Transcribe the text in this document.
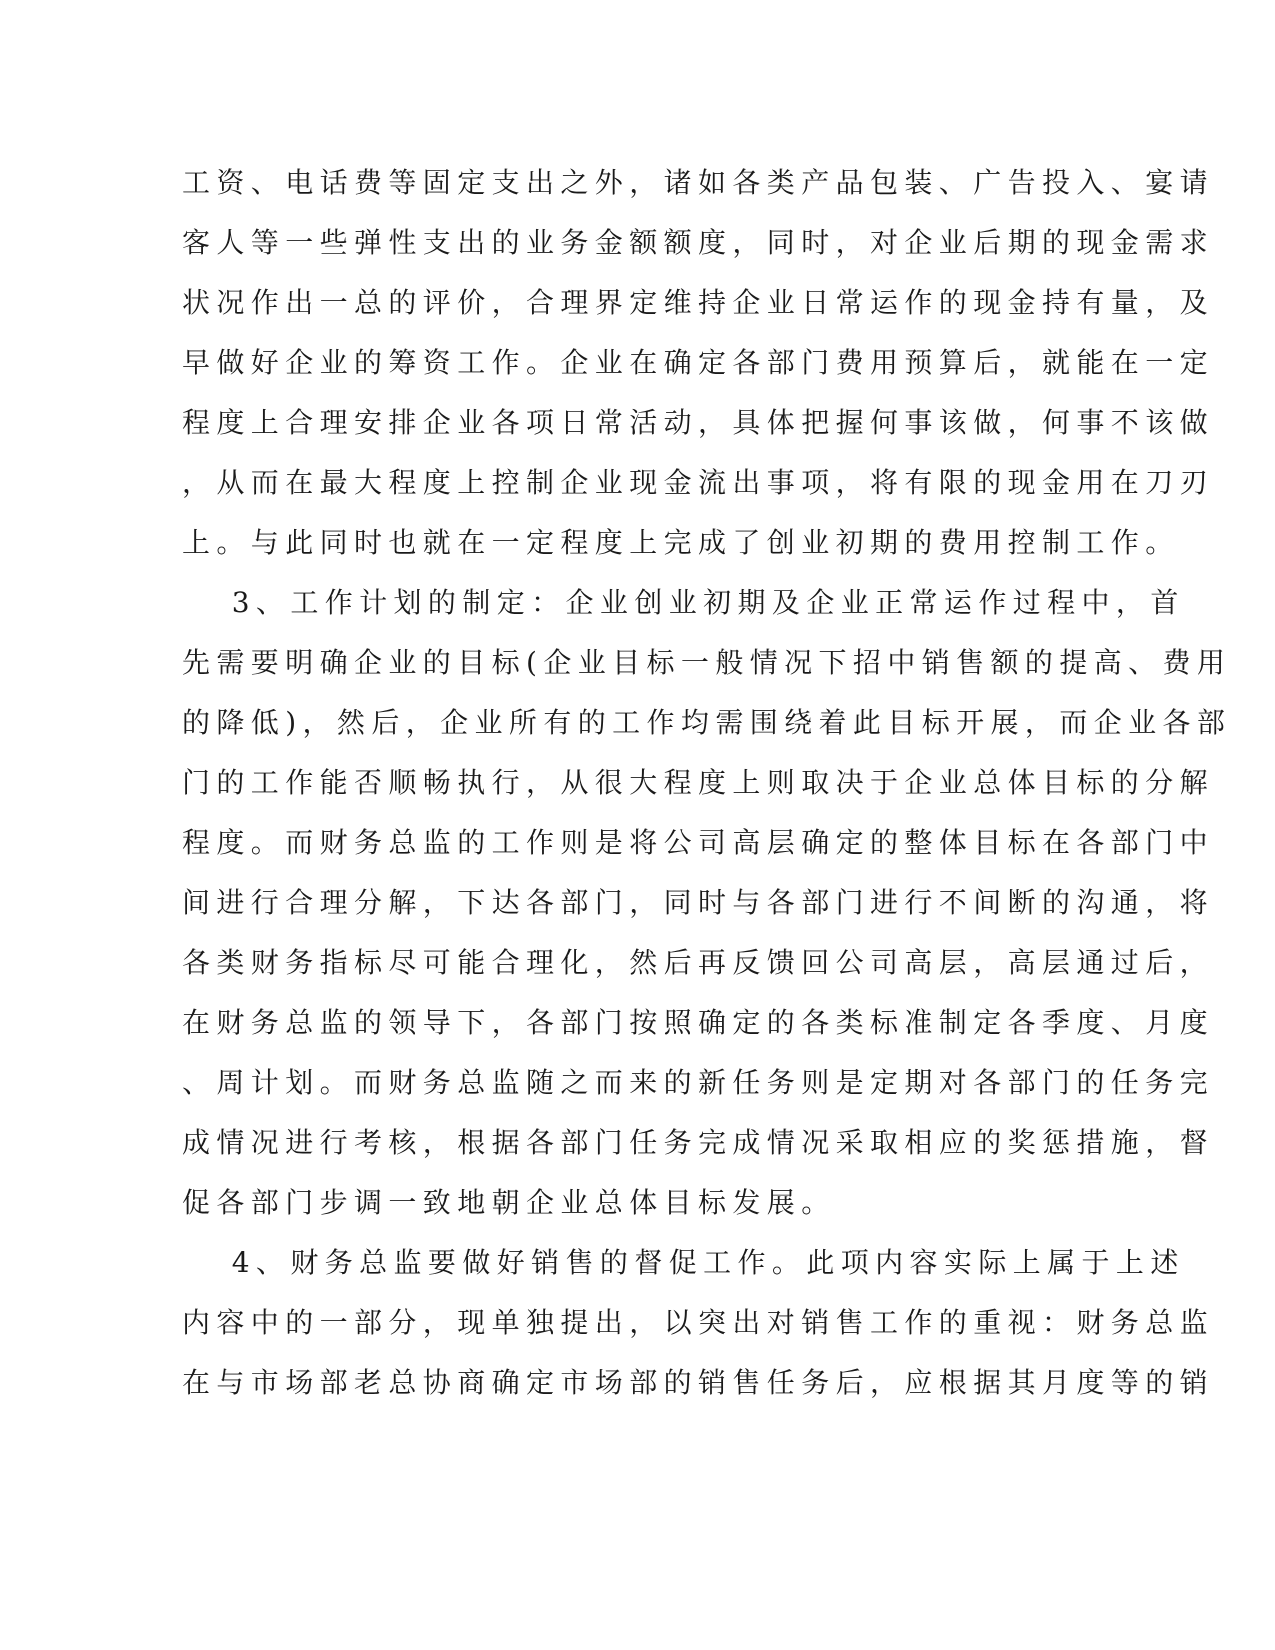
工资、电话费等固定支出之外，诸如各类产品包装、广告投入、宴请
客人等一些弹性支出的业务金额额度，同时，对企业后期的现金需求
状况作出一总的评价，合理界定维持企业日常运作的现金持有量，及
早做好企业的筹资工作。企业在确定各部门费用预算后，就能在一定
程度上合理安排企业各项日常活动，具体把握何事该做，何事不该做
，从而在最大程度上控制企业现金流出事项，将有限的现金用在刀刃
上。与此同时也就在一定程度上完成了创业初期的费用控制工作。
　 3、工作计划的制定：企业创业初期及企业正常运作过程中，首
先需要明确企业的目标(企业目标一般情况下招中销售额的提高、费用
的降低)，然后，企业所有的工作均需围绕着此目标开展，而企业各部
门的工作能否顺畅执行，从很大程度上则取决于企业总体目标的分解
程度。而财务总监的工作则是将公司高层确定的整体目标在各部门中
间进行合理分解，下达各部门，同时与各部门进行不间断的沟通，将
各类财务指标尽可能合理化，然后再反馈回公司高层，高层通过后，
在财务总监的领导下，各部门按照确定的各类标准制定各季度、月度
、周计划。而财务总监随之而来的新任务则是定期对各部门的任务完
成情况进行考核，根据各部门任务完成情况采取相应的奖惩措施，督
促各部门步调一致地朝企业总体目标发展。
　 4、财务总监要做好销售的督促工作。此项内容实际上属于上述
内容中的一部分，现单独提出，以突出对销售工作的重视：财务总监
在与市场部老总协商确定市场部的销售任务后，应根据其月度等的销
